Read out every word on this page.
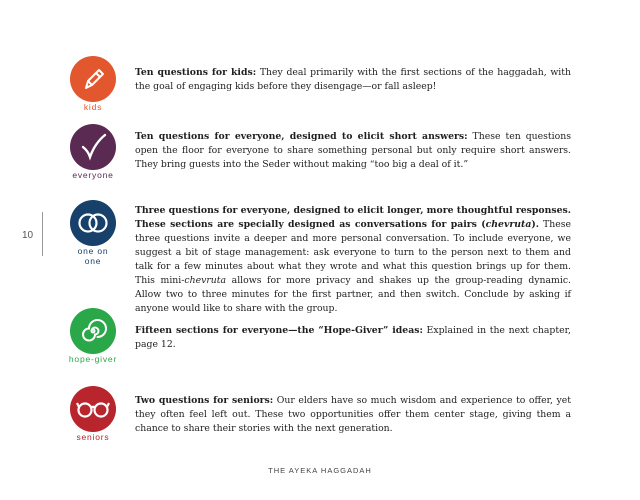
10
kids
Ten questions for kids: They deal primarily with the first sections of the haggadah, with the goal of engaging kids before they disengage—or fall asleep!
everyone
Ten questions for everyone, designed to elicit short answers: These ten questions open the floor for everyone to share something personal but only require short answers. They bring guests into the Seder without making “too big a deal of it.”
one on one
Three questions for everyone, designed to elicit longer, more thoughtful responses. These sections are specially designed as conversations for pairs (chevruta). These three questions invite a deeper and more personal conversation. To include everyone, we suggest a bit of stage management: ask everyone to turn to the person next to them and talk for a few minutes about what they wrote and what this question brings up for them. This mini-chevruta allows for more privacy and shakes up the group-reading dynamic. Allow two to three minutes for the first partner, and then switch. Conclude by asking if anyone would like to share with the group.
hope-giver
Fifteen sections for everyone—the “Hope-Giver” ideas: Explained in the next chapter, page 12.
seniors
Two questions for seniors: Our elders have so much wisdom and experience to offer, yet they often feel left out. These two opportunities offer them center stage, giving them a chance to share their stories with the next generation.
THE AYEKA HAGGADAH
